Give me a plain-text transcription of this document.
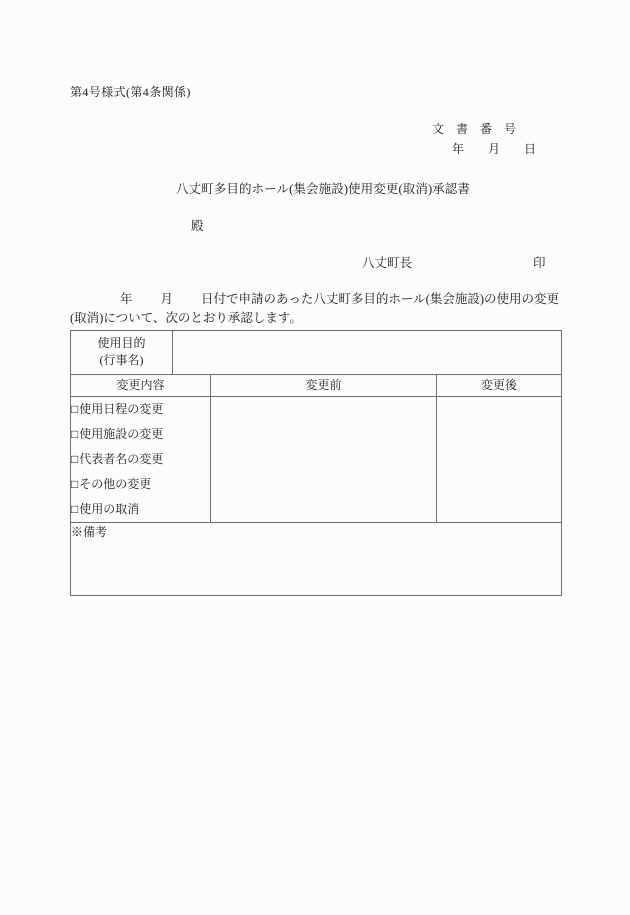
第4号様式(第4条関係)
文　書　番　号
年　　月　　日
八丈町多目的ホール(集会施設)使用変更(取消)承認書
殿
八丈町長	印
年 月 日付で申請のあった八丈町多目的ホール(集会施設)の使用の変更
(取消)について、次のとおり承認します。
使用目的
(行事名)			

変更内容		変更前	変更後

□使用日程の変更
□使用施設の変更
□代表者名の変更
□その他の変更
□使用の取消			

※備考			
